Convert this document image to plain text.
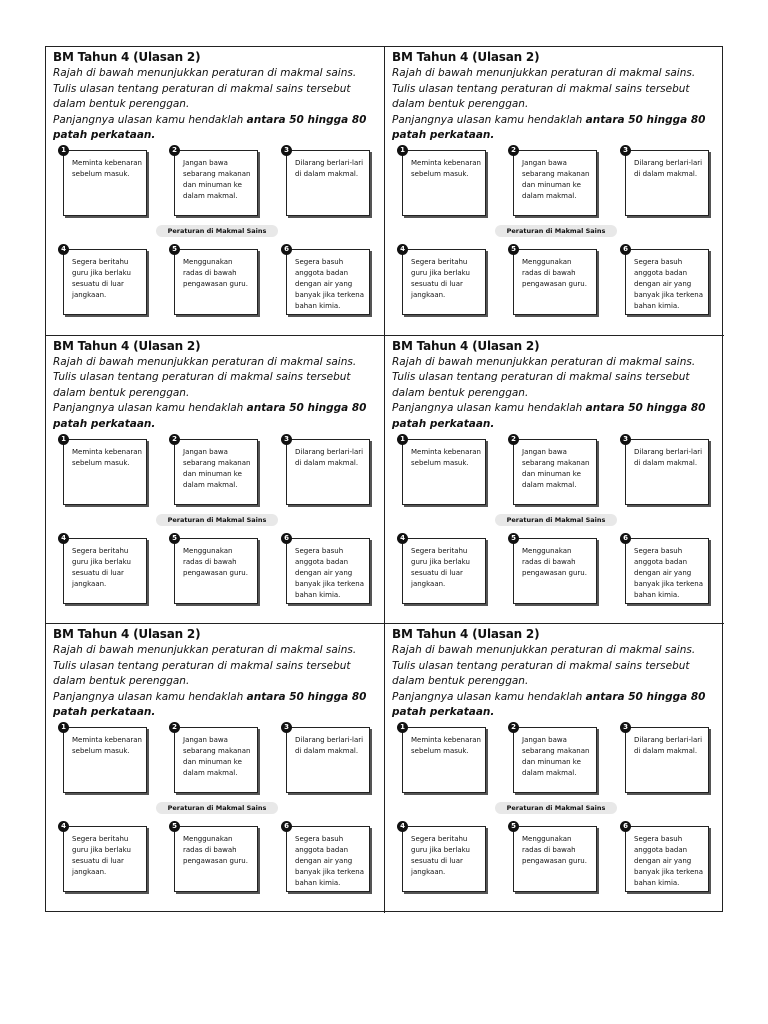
BM Tahun 4 (Ulasan 2)

Rajah di bawah menunjukkan peraturan di makmal sains.

Tulis ulasan tentang peraturan di makmal sains tersebut dalam bentuk perenggan.

Panjangnya ulasan kamu hendaklah antara 50 hingga 80 patah perkataan.

1
Meminta kebenaran sebelum masuk.
2
Jangan bawa sebarang makanan dan minuman ke dalam makmal.
3
Dilarang berlari-lari di dalam makmal.
Peraturan di Makmal Sains
4
Segera beritahu guru jika berlaku sesuatu di luar jangkaan.
5
Menggunakan radas di bawah pengawasan guru.
6
Segera basuh anggota badan dengan air yang banyak jika terkena bahan kimia.
BM Tahun 4 (Ulasan 2)

Rajah di bawah menunjukkan peraturan di makmal sains.

Tulis ulasan tentang peraturan di makmal sains tersebut dalam bentuk perenggan.

Panjangnya ulasan kamu hendaklah antara 50 hingga 80 patah perkataan.

1
Meminta kebenaran sebelum masuk.
2
Jangan bawa sebarang makanan dan minuman ke dalam makmal.
3
Dilarang berlari-lari di dalam makmal.
Peraturan di Makmal Sains
4
Segera beritahu guru jika berlaku sesuatu di luar jangkaan.
5
Menggunakan radas di bawah pengawasan guru.
6
Segera basuh anggota badan dengan air yang banyak jika terkena bahan kimia.
BM Tahun 4 (Ulasan 2)

Rajah di bawah menunjukkan peraturan di makmal sains.

Tulis ulasan tentang peraturan di makmal sains tersebut dalam bentuk perenggan.

Panjangnya ulasan kamu hendaklah antara 50 hingga 80 patah perkataan.

1
Meminta kebenaran sebelum masuk.
2
Jangan bawa sebarang makanan dan minuman ke dalam makmal.
3
Dilarang berlari-lari di dalam makmal.
Peraturan di Makmal Sains
4
Segera beritahu guru jika berlaku sesuatu di luar jangkaan.
5
Menggunakan radas di bawah pengawasan guru.
6
Segera basuh anggota badan dengan air yang banyak jika terkena bahan kimia.
BM Tahun 4 (Ulasan 2)

Rajah di bawah menunjukkan peraturan di makmal sains.

Tulis ulasan tentang peraturan di makmal sains tersebut dalam bentuk perenggan.

Panjangnya ulasan kamu hendaklah antara 50 hingga 80 patah perkataan.

1
Meminta kebenaran sebelum masuk.
2
Jangan bawa sebarang makanan dan minuman ke dalam makmal.
3
Dilarang berlari-lari di dalam makmal.
Peraturan di Makmal Sains
4
Segera beritahu guru jika berlaku sesuatu di luar jangkaan.
5
Menggunakan radas di bawah pengawasan guru.
6
Segera basuh anggota badan dengan air yang banyak jika terkena bahan kimia.
BM Tahun 4 (Ulasan 2)

Rajah di bawah menunjukkan peraturan di makmal sains.

Tulis ulasan tentang peraturan di makmal sains tersebut dalam bentuk perenggan.

Panjangnya ulasan kamu hendaklah antara 50 hingga 80 patah perkataan.

1
Meminta kebenaran sebelum masuk.
2
Jangan bawa sebarang makanan dan minuman ke dalam makmal.
3
Dilarang berlari-lari di dalam makmal.
Peraturan di Makmal Sains
4
Segera beritahu guru jika berlaku sesuatu di luar jangkaan.
5
Menggunakan radas di bawah pengawasan guru.
6
Segera basuh anggota badan dengan air yang banyak jika terkena bahan kimia.
BM Tahun 4 (Ulasan 2)

Rajah di bawah menunjukkan peraturan di makmal sains.

Tulis ulasan tentang peraturan di makmal sains tersebut dalam bentuk perenggan.

Panjangnya ulasan kamu hendaklah antara 50 hingga 80 patah perkataan.

1
Meminta kebenaran sebelum masuk.
2
Jangan bawa sebarang makanan dan minuman ke dalam makmal.
3
Dilarang berlari-lari di dalam makmal.
Peraturan di Makmal Sains
4
Segera beritahu guru jika berlaku sesuatu di luar jangkaan.
5
Menggunakan radas di bawah pengawasan guru.
6
Segera basuh anggota badan dengan air yang banyak jika terkena bahan kimia.
